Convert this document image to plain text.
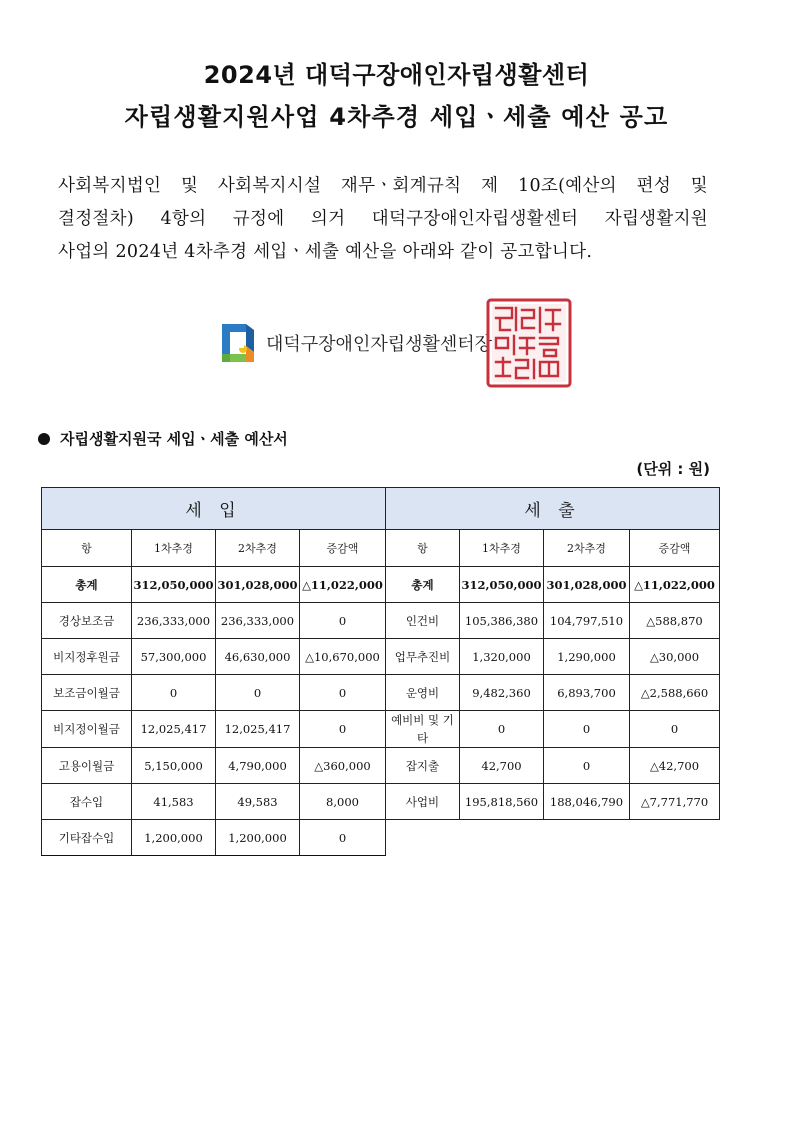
2024년 대덕구장애인자립생활센터
자립생활지원사업 4차추경 세입ㆍ세출 예산 공고
사회복지법인 및 사회복지시설 재무ㆍ회계규칙 제 10조(예산의 편성 및
결정절차) 4항의 규정에 의거 대덕구장애인자립생활센터 자립생활지원
사업의 2024년 4차추경 세입ㆍ세출 예산을 아래와 같이 공고합니다.
대덕구장애인자립생활센터장
자립생활지원국 세입ㆍ세출 예산서
(단위 : 원)
세 입				세 출			
항	1차추경	2차추경	증감액	항	1차추경	2차추경	증감액
총계	312,050,000	301,028,000	△11,022,000	총계	312,050,000	301,028,000	△11,022,000
경상보조금	236,333,000	236,333,000	0	인건비	105,386,380	104,797,510	△588,870
비지정후원금	57,300,000	46,630,000	△10,670,000	업무추진비	1,320,000	1,290,000	△30,000
보조금이월금	0	0	0	운영비	9,482,360	6,893,700	△2,588,660
비지정이월금	12,025,417	12,025,417	0	예비비 및 기타	0	0	0
고용이월금	5,150,000	4,790,000	△360,000	잡지출	42,700	0	△42,700
잡수입	41,583	49,583	8,000	사업비	195,818,560	188,046,790	△7,771,770
기타잡수입	1,200,000	1,200,000	0				
